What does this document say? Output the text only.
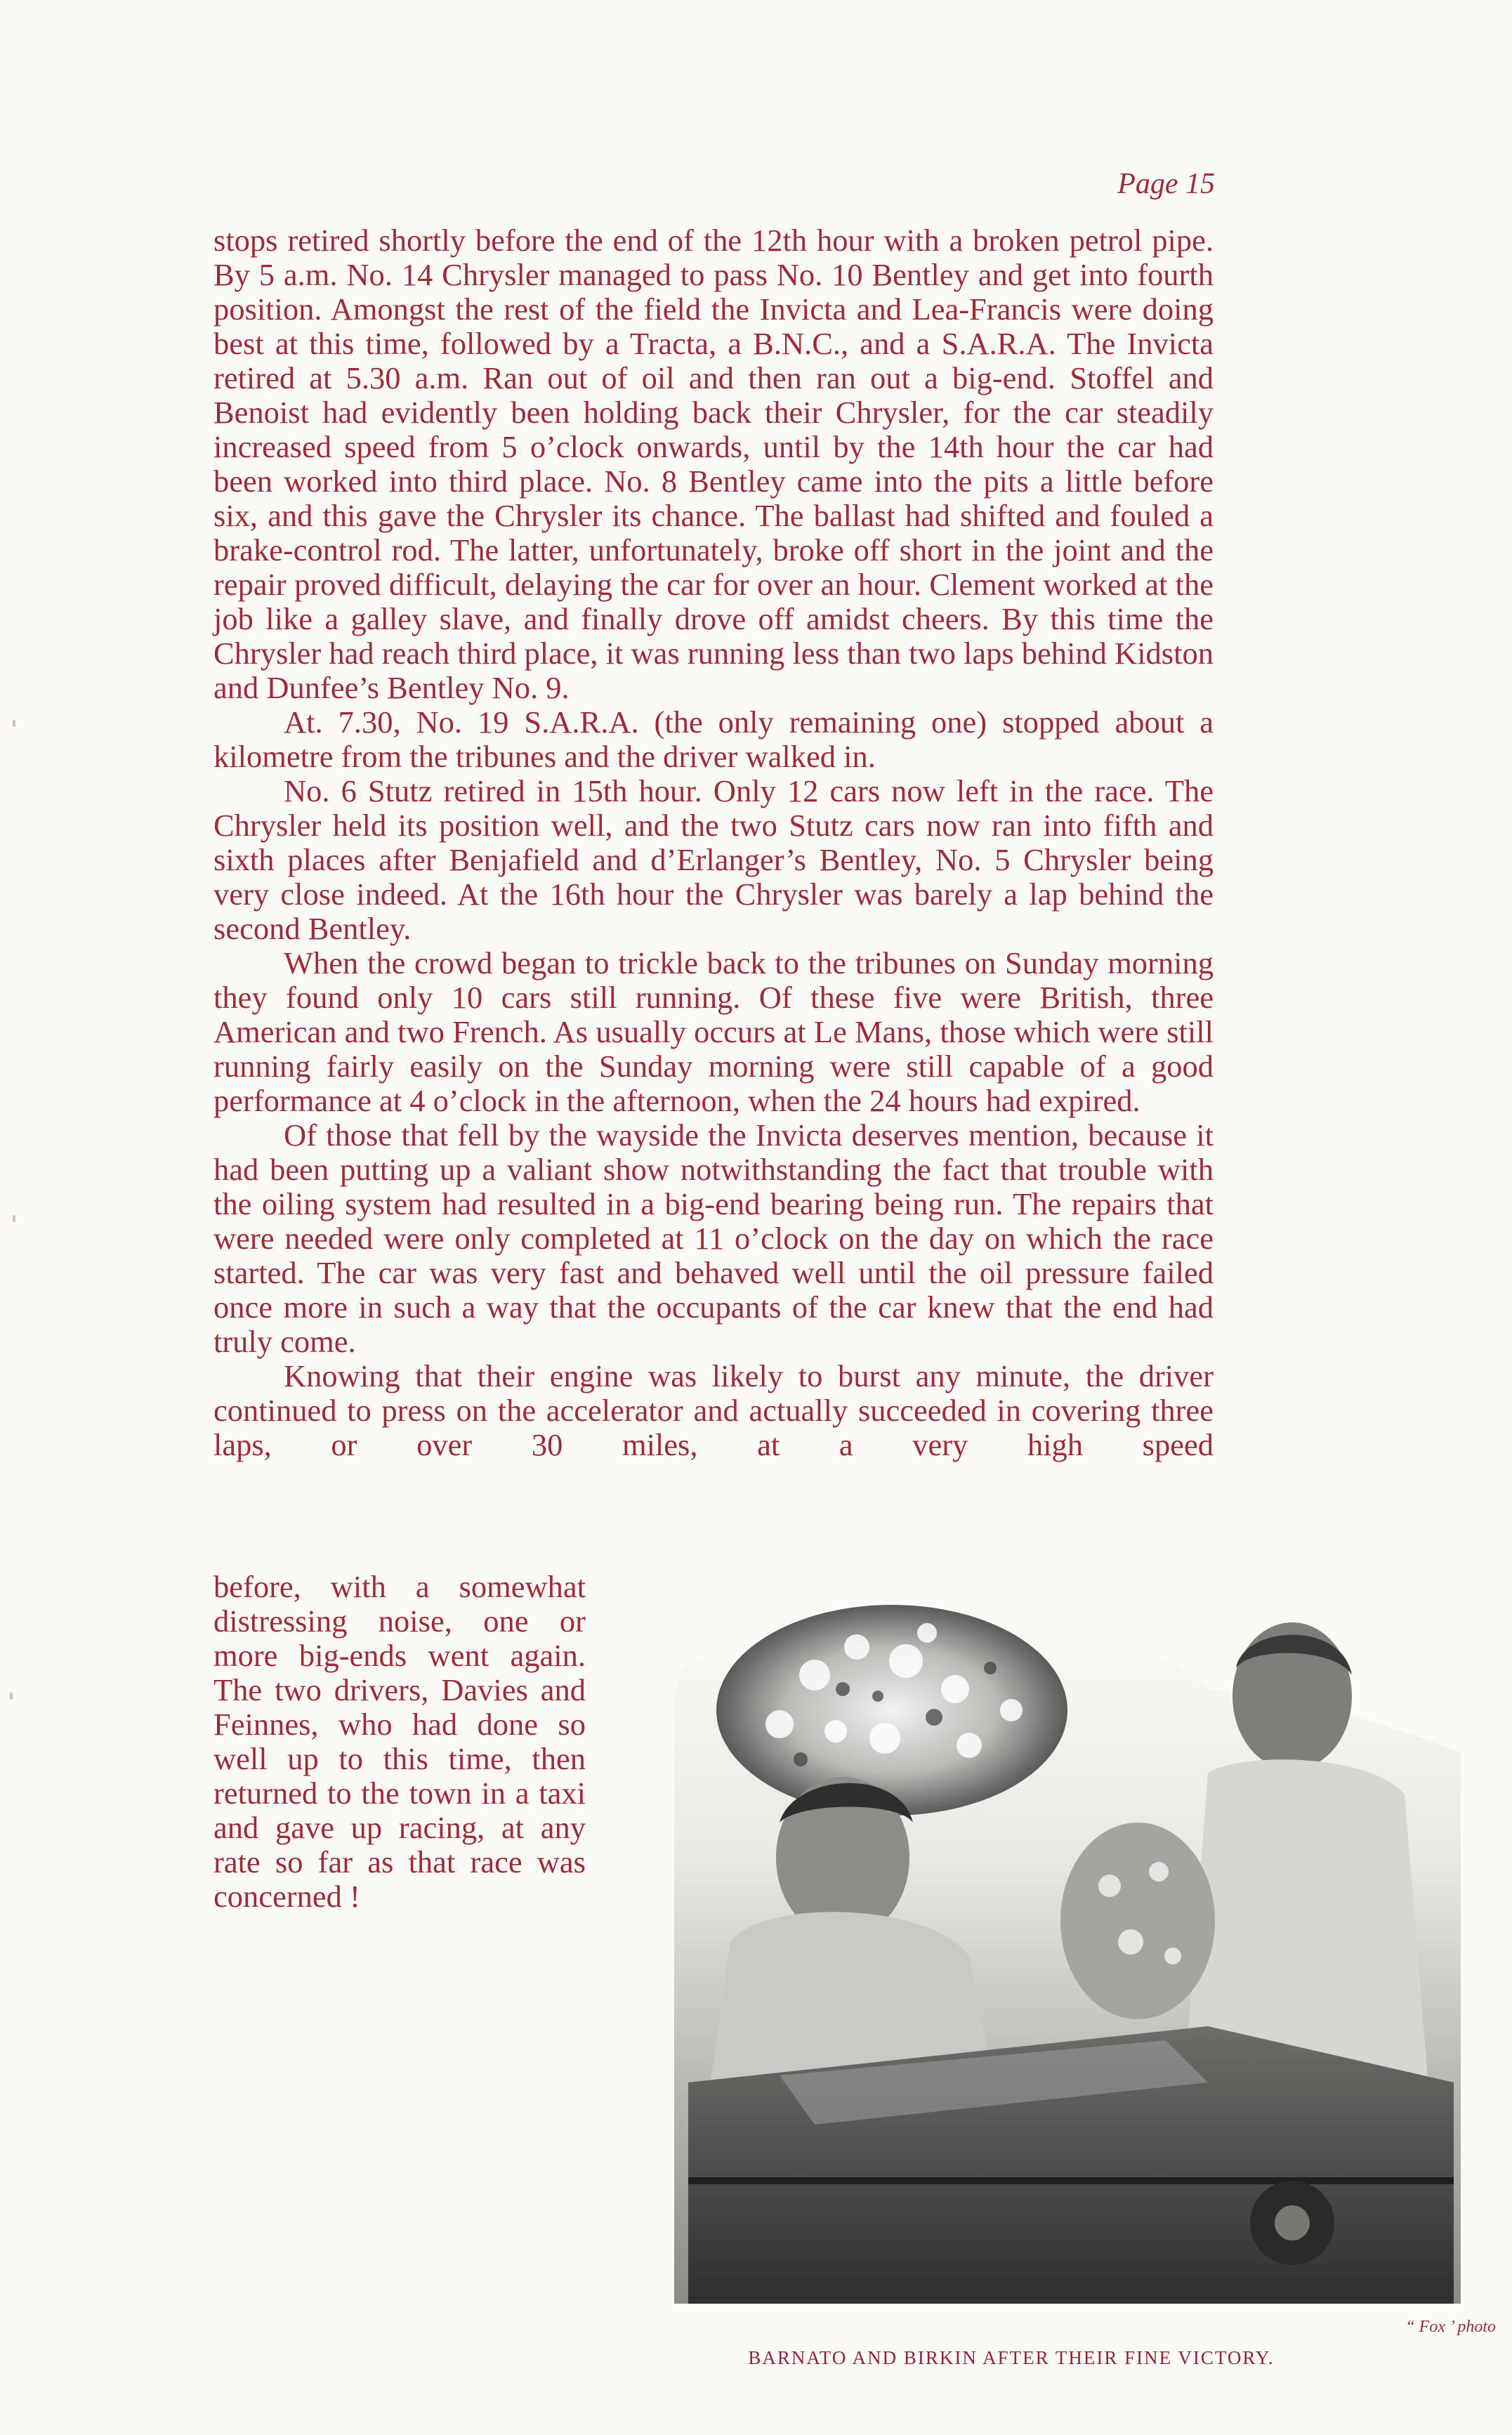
Page 15

stops retired shortly before the end of the 12th hour with a broken petrol pipe. By 5 a.m. No. 14 Chrysler managed to pass No. 10 Bentley and get into fourth position. Amongst the rest of the field the Invicta and Lea-Francis were doing best at this time, followed by a Tracta, a B.N.C., and a S.A.R.A. The Invicta retired at 5.30 a.m. Ran out of oil and then ran out a big-end. Stoffel and Benoist had evidently been holding back their Chrysler, for the car steadily increased speed from 5 o’clock onwards, until by the 14th hour the car had been worked into third place. No. 8 Bentley came into the pits a little before six, and this gave the Chrysler its chance. The ballast had shifted and fouled a brake-control rod. The latter, unfortunately, broke off short in the joint and the repair proved difficult, delaying the car for over an hour. Clement worked at the job like a galley slave, and finally drove off amidst cheers. By this time the Chrysler had reach third place, it was running less than two laps behind Kidston and Dunfee’s Bentley No. 9.

At. 7.30, No. 19 S.A.R.A. (the only remaining one) stopped about a kilometre from the tribunes and the driver walked in.

No. 6 Stutz retired in 15th hour. Only 12 cars now left in the race. The Chrysler held its position well, and the two Stutz cars now ran into fifth and sixth places after Benjafield and d’Erlanger’s Bentley, No. 5 Chrysler being very close indeed. At the 16th hour the Chrysler was barely a lap behind the second Bentley.

When the crowd began to trickle back to the tribunes on Sunday morning they found only 10 cars still running. Of these five were British, three American and two French. As usually occurs at Le Mans, those which were still running fairly easily on the Sunday morning were still capable of a good performance at 4 o’clock in the afternoon, when the 24 hours had expired.

Of those that fell by the wayside the Invicta deserves mention, because it had been putting up a valiant show notwithstanding the fact that trouble with the oiling system had resulted in a big-end bearing being run. The repairs that were needed were only completed at 11 o’clock on the day on which the race started. The car was very fast and behaved well until the oil pressure failed once more in such a way that the occupants of the car knew that the end had truly come.

Knowing that their engine was likely to burst any minute, the driver continued to press on the accelerator and actually succeeded in covering three laps, or over 30 miles, at a very high speed

before, with a somewhat distressing noise, one or more big-ends went again. The two drivers, Davies and Feinnes, who had done so well up to this time, then returned to the town in a taxi and gave up racing, at any rate so far as that race was concerned !

“ Fox ’ photo
BARNATO AND BIRKIN AFTER THEIR FINE VICTORY.
